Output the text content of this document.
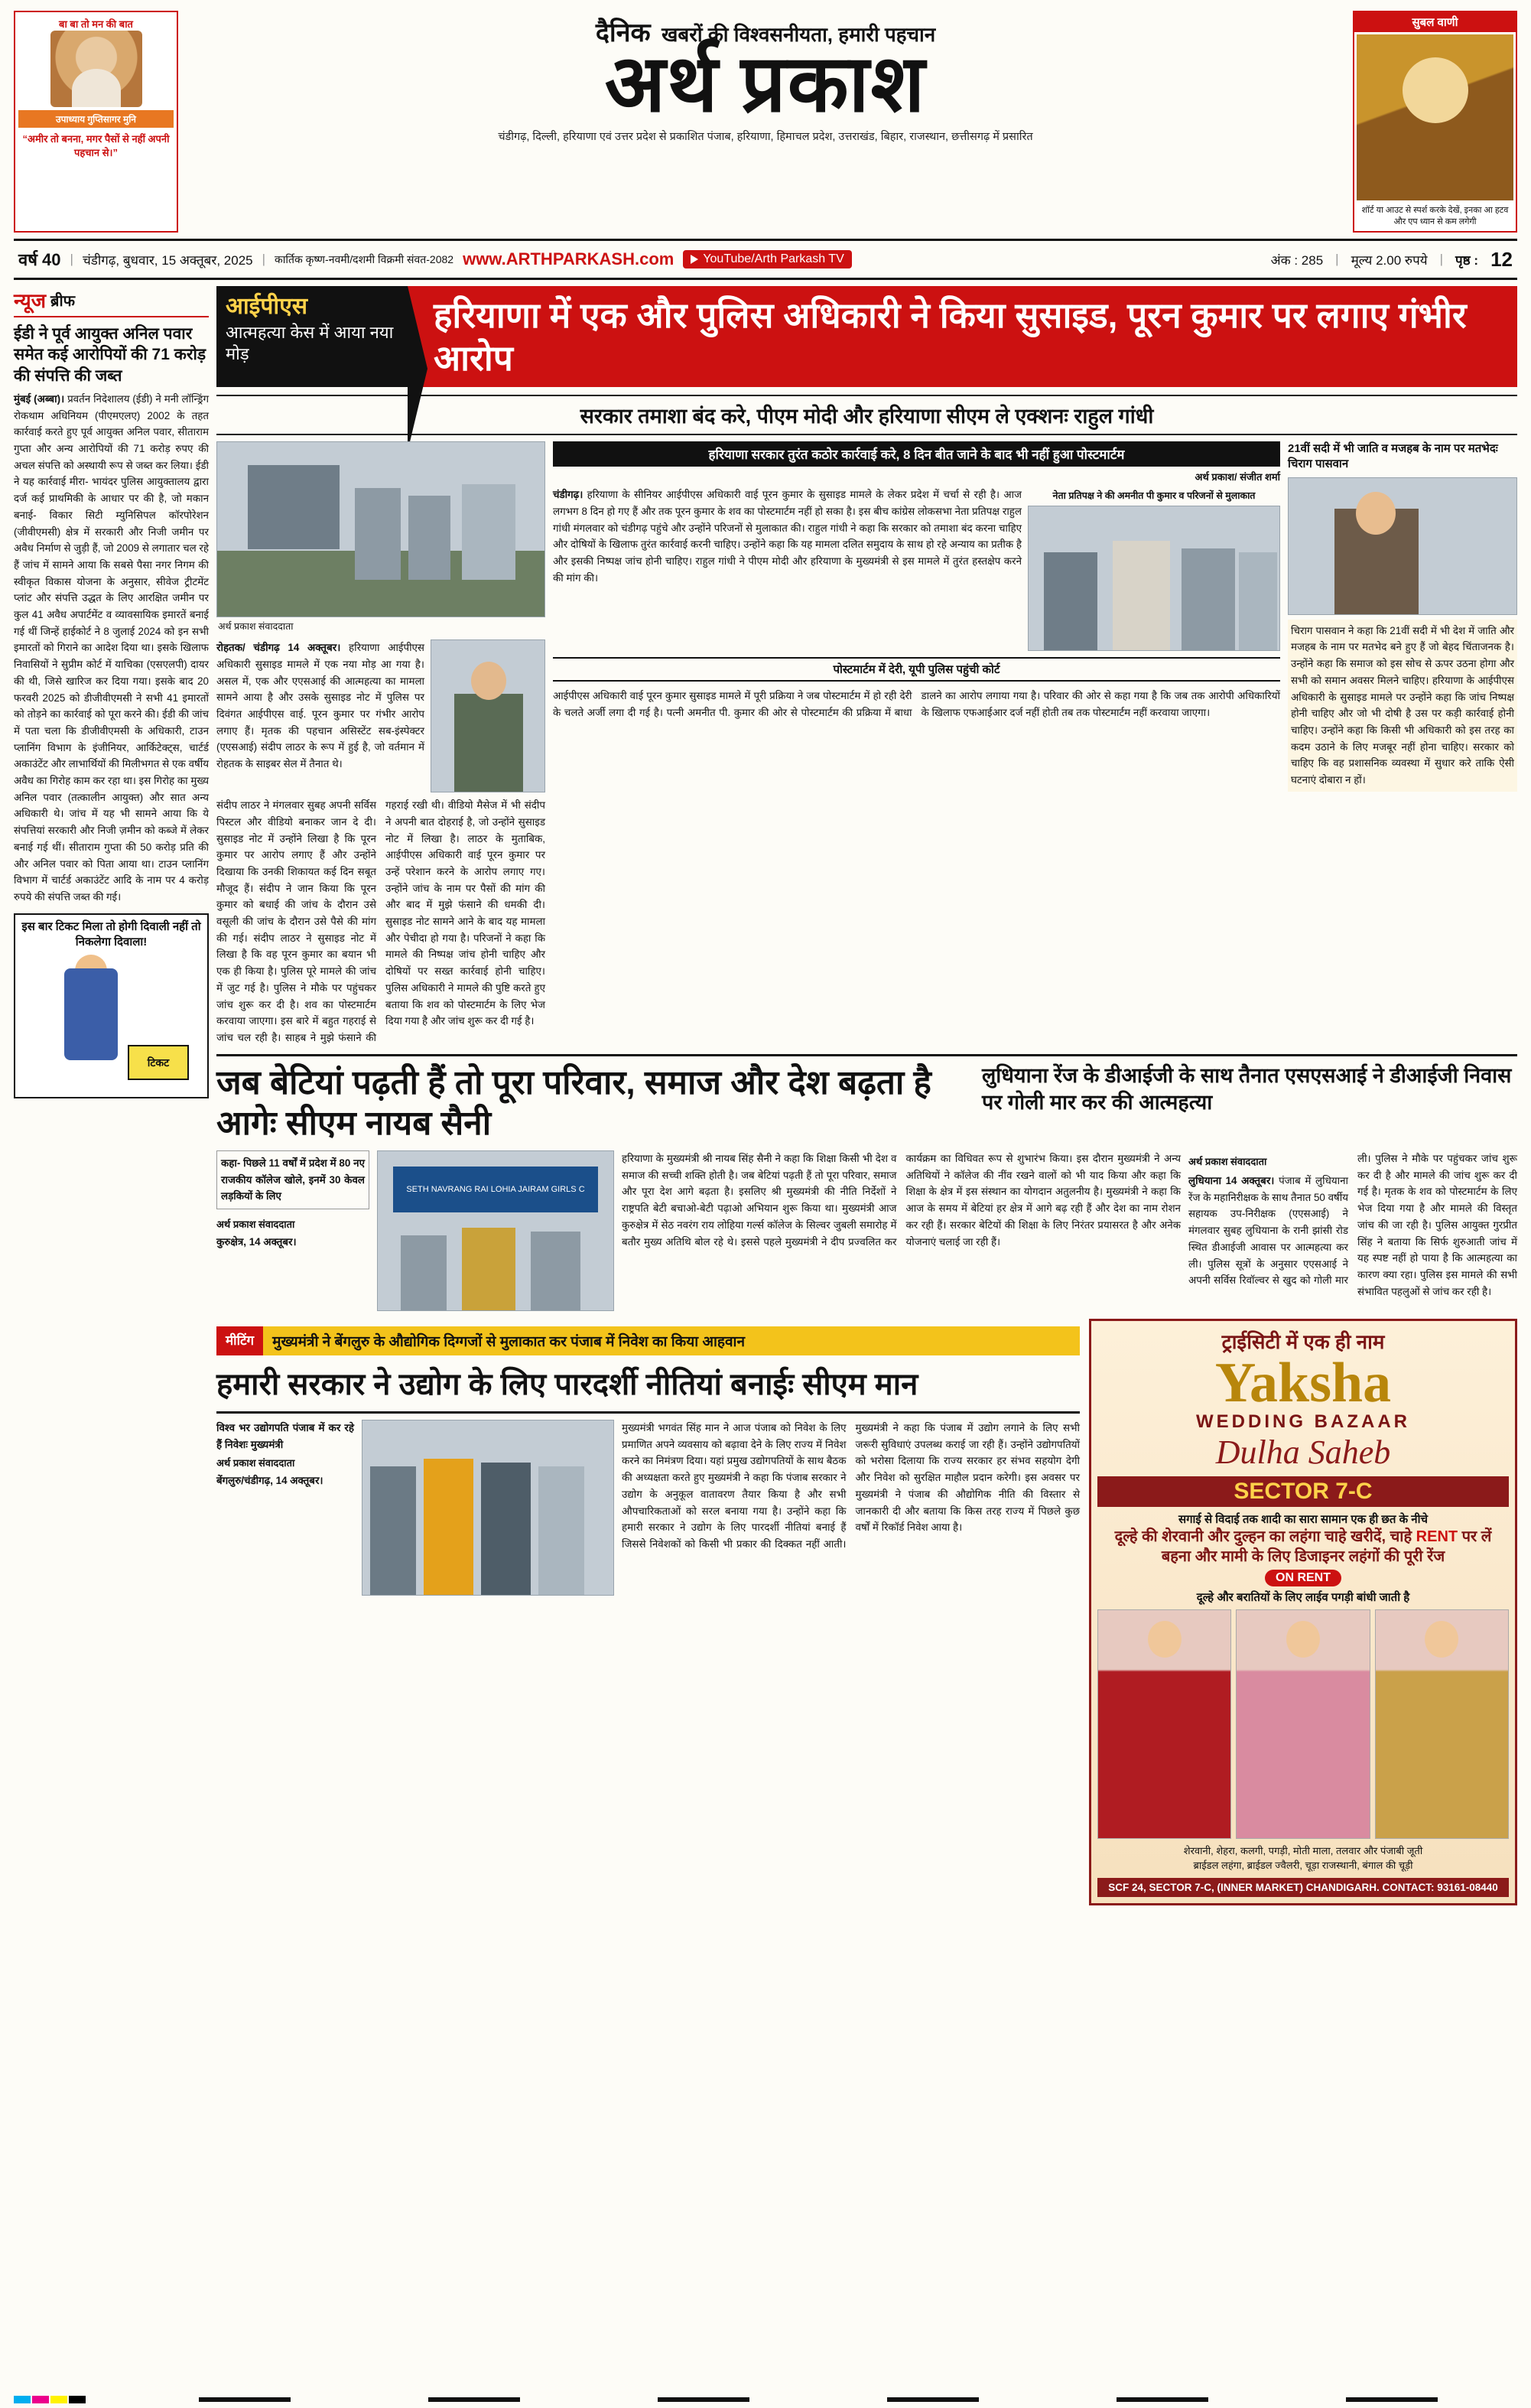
बा बा तो मन की बात
उपाध्याय गुप्तिसागर मुनि
“अमीर तो बनना, मगर पैसों से नहीं अपनी पहचान से।”
दैनिक खबरों की विश्वसनीयता, हमारी पहचान
अर्थ प्रकाश
चंडीगढ़, दिल्ली, हरियाणा एवं उत्तर प्रदेश से प्रकाशित पंजाब, हरियाणा, हिमाचल प्रदेश, उत्तराखंड, बिहार, राजस्थान, छत्तीसगढ़ में प्रसारित
सुबल वाणी
शॉर्ट या आउट से स्पर्श करके देखें, इनका आ हटव और एप ध्यान से कम लगेगी
वर्ष 40 | चंडीगढ़, बुधवार, 15 अक्तूबर, 2025 | कार्तिक कृष्ण-नवमी/दशमी विक्रमी संवत-2082 www.ARTHPARKASH.com YouTube/Arth Parkash TV	अंक : 285 | मूल्य 2.00 रुपये | पृष्ठ : 12
न्यूज ब्रीफ
ईडी ने पूर्व आयुक्त अनिल पवार समेत कई आरोपियों की 71 करोड़ की संपत्ति की जब्त
मुंबई (अब्बा)। प्रवर्तन निदेशालय (ईडी) ने मनी लॉन्ड्रिंग रोकथाम अधिनियम (पीएमएलए) 2002 के तहत कार्रवाई करते हुए पूर्व आयुक्त अनिल पवार, सीताराम गुप्ता और अन्य आरोपियों की 71 करोड़ रुपए की अचल संपत्ति को अस्थायी रूप से जब्त कर लिया। ईडी ने यह कार्रवाई मीरा- भायंदर पुलिस आयुक्तालय द्वारा दर्ज कई प्राथमिकी के आधार पर की है, जो मकान बनाई- विकार सिटी म्युनिसिपल कॉरपोरेशन (जीवीएमसी) क्षेत्र में सरकारी और निजी जमीन पर अवैध निर्माण से जुड़ी हैं, जो 2009 से लगातार चल रहे हैं जांच में सामने आया कि सबसे पैसा नगर निगम की स्वीकृत विकास योजना के अनुसार, सीवेज ट्रीटमेंट प्लांट और संपत्ति उद्धत के लिए आरक्षित जमीन पर कुल 41 अवैध अपार्टमेंट व व्यावसायिक इमारतें बनाई गई थीं जिन्हें हाईकोर्ट ने 8 जुलाई 2024 को इन सभी इमारतों को गिराने का आदेश दिया था। इसके खिलाफ निवासियों ने सुप्रीम कोर्ट में याचिका (एसएलपी) दायर की थी, जिसे खारिज कर दिया गया। इसके बाद 20 फरवरी 2025 को डीजीवीएमसी ने सभी 41 इमारतों को तोड़ने का कार्रवाई को पूरा करने की। ईडी की जांच में पता चला कि डीजीवीएमसी के अधिकारी, टाउन प्लानिंग विभाग के इंजीनियर, आर्किटेक्ट्स, चार्टर्ड अकाउंटेंट और लाभार्थियों की मिलीभगत से एक वर्षीय अवैध का गिरोह काम कर रहा था। इस गिरोह का मुख्य अनिल पवार (तत्कालीन आयुक्त) और सात अन्य अधिकारी थे। जांच में यह भी सामने आया कि ये संपत्तियां सरकारी और निजी ज़मीन को कब्जे में लेकर बनाई गई थीं। सीताराम गुप्ता की 50 करोड़ प्रति की और अनिल पवार को पिता आया था। टाउन प्लानिंग विभाग में चार्टर्ड अकाउंटेंट आदि के नाम पर 4 करोड़ रुपये की संपत्ति जब्त की गई।
इस बार टिकट मिला तो होगी दिवाली नहीं तो निकलेगा दिवाला!
टिकट
आईपीएस
आत्महत्या केस में आया नया मोड़
हरियाणा में एक और पुलिस अधिकारी ने किया सुसाइड, पूरन कुमार पर लगाए गंभीर आरोप
सरकार तमाशा बंद करे, पीएम मोदी और हरियाणा सीएम ले एक्शनः राहुल गांधी
अर्थ प्रकाश संवाददाता
रोहतक/ चंडीगढ़ 14 अक्तूबर। हरियाणा आईपीएस अधिकारी सुसाइड मामले में एक नया मोड़ आ गया है। असल में, एक और एएसआई की आत्महत्या का मामला सामने आया है और उसके सुसाइड नोट में पुलिस पर दिवंगत आईपीएस वाई. पूरन कुमार पर गंभीर आरोप लगाए हैं। मृतक की पहचान असिस्टेंट सब-इंस्पेक्टर (एएसआई) संदीप लाठर के रूप में हुई है, जो वर्तमान में रोहतक के साइबर सेल में तैनात थे।
संदीप लाठर ने मंगलवार सुबह अपनी सर्विस पिस्टल और वीडियो बनाकर जान दे दी। सुसाइड नोट में उन्होंने लिखा है कि पूरन कुमार पर आरोप लगाए हैं और उन्होंने दिखाया कि उनकी शिकायत कई दिन सबूत मौजूद हैं। संदीप ने जान किया कि पूरन कुमार को बधाई की जांच के दौरान उसे वसूली की जांच के दौरान उसे पैसे की मांग की गई। संदीप लाठर ने सुसाइड नोट में लिखा है कि वह पूरन कुमार का बयान भी एक ही किया है। पुलिस पूरे मामले की जांच में जुट गई है। पुलिस ने मौके पर पहुंचकर जांच शुरू कर दी है। शव का पोस्टमार्टम करवाया जाएगा। इस बारे में बहुत गहराई से जांच चल रही है। साहब ने मुझे फंसाने की गहराई रखी थी। वीडियो मैसेज में भी संदीप ने अपनी बात दोहराई है, जो उन्होंने सुसाइड नोट में लिखा है। लाठर के मुताबिक, आईपीएस अधिकारी वाई पूरन कुमार पर उन्हें परेशान करने के आरोप लगाए गए। उन्होंने जांच के नाम पर पैसों की मांग की और बाद में मुझे फंसाने की धमकी दी। सुसाइड नोट सामने आने के बाद यह मामला और पेचीदा हो गया है। परिजनों ने कहा कि मामले की निष्पक्ष जांच होनी चाहिए और दोषियों पर सख्त कार्रवाई होनी चाहिए। पुलिस अधिकारी ने मामले की पुष्टि करते हुए बताया कि शव को पोस्टमार्टम के लिए भेज दिया गया है और जांच शुरू कर दी गई है।
हरियाणा सरकार तुरंत कठोर कार्रवाई करे, 8 दिन बीत जाने के बाद भी नहीं हुआ पोस्टमार्टम
अर्थ प्रकाश/ संजीत शर्मा
चंडीगढ़। हरियाणा के सीनियर आईपीएस अधिकारी वाई पूरन कुमार के सुसाइड मामले के लेकर प्रदेश में चर्चा से रही है। आज लगभग 8 दिन हो गए हैं और तक पूरन कुमार के शव का पोस्टमार्टम नहीं हो सका है। इस बीच कांग्रेस लोकसभा नेता प्रतिपक्ष राहुल गांधी मंगलवार को चंडीगढ़ पहुंचे और उन्होंने परिजनों से मुलाकात की। राहुल गांधी ने कहा कि सरकार को तमाशा बंद करना चाहिए और दोषियों के खिलाफ तुरंत कार्रवाई करनी चाहिए। उन्होंने कहा कि यह मामला दलित समुदाय के साथ हो रहे अन्याय का प्रतीक है और इसकी निष्पक्ष जांच होनी चाहिए। राहुल गांधी ने पीएम मोदी और हरियाणा के मुख्यमंत्री से इस मामले में तुरंत हस्तक्षेप करने की मांग की।
नेता प्रतिपक्ष ने की अमनीत पी कुमार व परिजनों से मुलाकात
पोस्टमार्टम में देरी, यूपी पुलिस पहुंची कोर्ट
आईपीएस अधिकारी वाई पूरन कुमार सुसाइड मामले में पूरी प्रक्रिया ने जब पोस्टमार्टम में हो रही देरी के चलते अर्जी लगा दी गई है। पत्नी अमनीत पी. कुमार की ओर से पोस्टमार्टम की प्रक्रिया में बाधा डालने का आरोप लगाया गया है। परिवार की ओर से कहा गया है कि जब तक आरोपी अधिकारियों के खिलाफ एफआईआर दर्ज नहीं होती तब तक पोस्टमार्टम नहीं करवाया जाएगा।
21वीं सदी में भी जाति व मजहब के नाम पर मतभेदः चिराग पासवान
चिराग पासवान ने कहा कि 21वीं सदी में भी देश में जाति और मजहब के नाम पर मतभेद बने हुए हैं जो बेहद चिंताजनक है। उन्होंने कहा कि समाज को इस सोच से ऊपर उठना होगा और सभी को समान अवसर मिलने चाहिए। हरियाणा के आईपीएस अधिकारी के सुसाइड मामले पर उन्होंने कहा कि जांच निष्पक्ष होनी चाहिए और जो भी दोषी है उस पर कड़ी कार्रवाई होनी चाहिए। उन्होंने कहा कि किसी भी अधिकारी को इस तरह का कदम उठाने के लिए मजबूर नहीं होना चाहिए। सरकार को चाहिए कि वह प्रशासनिक व्यवस्था में सुधार करे ताकि ऐसी घटनाएं दोबारा न हों।
जब बेटियां पढ़ती हैं तो पूरा परिवार, समाज और देश बढ़ता है आगेः सीएम नायब सैनी
लुधियाना रेंज के डीआईजी के साथ तैनात एसएसआई ने डीआईजी निवास पर गोली मार कर की आत्महत्या
कहा- पिछले 11 वर्षों में प्रदेश में 80 नए राजकीय कॉलेज खोले, इनमें 30 केवल लड़कियों के लिए
अर्थ प्रकाश संवाददाता
कुरुक्षेत्र, 14 अक्तूबर।
SETH NAVRANG RAI LOHIA JAIRAM GIRLS C
हरियाणा के मुख्यमंत्री श्री नायब सिंह सैनी ने कहा कि शिक्षा किसी भी देश व समाज की सच्ची शक्ति होती है। जब बेटियां पढ़ती हैं तो पूरा परिवार, समाज और पूरा देश आगे बढ़ता है। इसलिए श्री मुख्यमंत्री की नीति निर्देशों ने राष्ट्रपति बेटी बचाओ-बेटी पढ़ाओ अभियान शुरू किया था। मुख्यमंत्री आज कुरुक्षेत्र में सेठ नवरंग राय लोहिया गर्ल्स कॉलेज के सिल्वर जुबली समारोह में बतौर मुख्य अतिथि बोल रहे थे। इससे पहले मुख्यमंत्री ने दीप प्रज्वलित कर कार्यक्रम का विधिवत रूप से शुभारंभ किया। इस दौरान मुख्यमंत्री ने अन्य अतिथियों ने कॉलेज की नींव रखने वालों को भी याद किया और कहा कि शिक्षा के क्षेत्र में इस संस्थान का योगदान अतुलनीय है। मुख्यमंत्री ने कहा कि आज के समय में बेटियां हर क्षेत्र में आगे बढ़ रही हैं और देश का नाम रोशन कर रही हैं। सरकार बेटियों की शिक्षा के लिए निरंतर प्रयासरत है और अनेक योजनाएं चलाई जा रही हैं।
अर्थ प्रकाश संवाददाता
लुधियाना 14 अक्तूबर। पंजाब में लुधियाना रेंज के महानिरीक्षक के साथ तैनात 50 वर्षीय सहायक उप-निरीक्षक (एएसआई) ने मंगलवार सुबह लुधियाना के रानी झांसी रोड स्थित डीआईजी आवास पर आत्महत्या कर ली। पुलिस सूत्रों के अनुसार एएसआई ने अपनी सर्विस रिवॉल्वर से खुद को गोली मार ली। पुलिस ने मौके पर पहुंचकर जांच शुरू कर दी है और मामले की जांच शुरू कर दी गई है। मृतक के शव को पोस्टमार्टम के लिए भेज दिया गया है और मामले की विस्तृत जांच की जा रही है। पुलिस आयुक्त गुरप्रीत सिंह ने बताया कि सिर्फ शुरुआती जांच में यह स्पष्ट नहीं हो पाया है कि आत्महत्या का कारण क्या रहा। पुलिस इस मामले की सभी संभावित पहलुओं से जांच कर रही है।
मीटिंग	मुख्यमंत्री ने बेंगलुरु के औद्योगिक दिग्गजों से मुलाकात कर पंजाब में निवेश का किया आहवान
हमारी सरकार ने उद्योग के लिए पारदर्शी नीतियां बनाईः सीएम मान
विश्व भर उद्योगपति पंजाब में कर रहे हैं निवेशः मुख्यमंत्री
अर्थ प्रकाश संवाददाता
बेंगलुरु/चंडीगढ़, 14 अक्तूबर।
मुख्यमंत्री भगवंत सिंह मान ने आज पंजाब को निवेश के लिए प्रमाणित अपने व्यवसाय को बढ़ावा देने के लिए राज्य में निवेश करने का निमंत्रण दिया। यहां प्रमुख उद्योगपतियों के साथ बैठक की अध्यक्षता करते हुए मुख्यमंत्री ने कहा कि पंजाब सरकार ने उद्योग के अनुकूल वातावरण तैयार किया है और सभी औपचारिकताओं को सरल बनाया गया है। उन्होंने कहा कि हमारी सरकार ने उद्योग के लिए पारदर्शी नीतियां बनाई हैं जिससे निवेशकों को किसी भी प्रकार की दिक्कत नहीं आती। मुख्यमंत्री ने कहा कि पंजाब में उद्योग लगाने के लिए सभी जरूरी सुविधाएं उपलब्ध कराई जा रही हैं। उन्होंने उद्योगपतियों को भरोसा दिलाया कि राज्य सरकार हर संभव सहयोग देगी और निवेश को सुरक्षित माहौल प्रदान करेगी। इस अवसर पर मुख्यमंत्री ने पंजाब की औद्योगिक नीति की विस्तार से जानकारी दी और बताया कि किस तरह राज्य में पिछले कुछ वर्षों में रिकॉर्ड निवेश आया है।
ट्राईसिटी में एक ही नाम
Yaksha
WEDDING BAZAAR
Dulha Saheb
SECTOR 7-C
सगाई से विदाई तक शादी का सारा सामान एक ही छत के नीचे
दूल्हे की शेरवानी और दुल्हन का लहंगा चाहे खरीदें, चाहे RENT पर लें
बहना और मामी के लिए डिजाइनर लहंगों की पूरी रेंज
ON RENT
दूल्हे और बरातियों के लिए लाईव पगड़ी बांधी जाती है
शेरवानी, शेहरा, कलगी, पगड़ी, मोती माला, तलवार और पंजाबी जूती
ब्राईडल लहंगा, ब्राईडल ज्वैलरी, चूड़ा राजस्थानी, बंगाल की चूड़ी
SCF 24, SECTOR 7-C, (INNER MARKET) CHANDIGARH. CONTACT: 93161-08440
